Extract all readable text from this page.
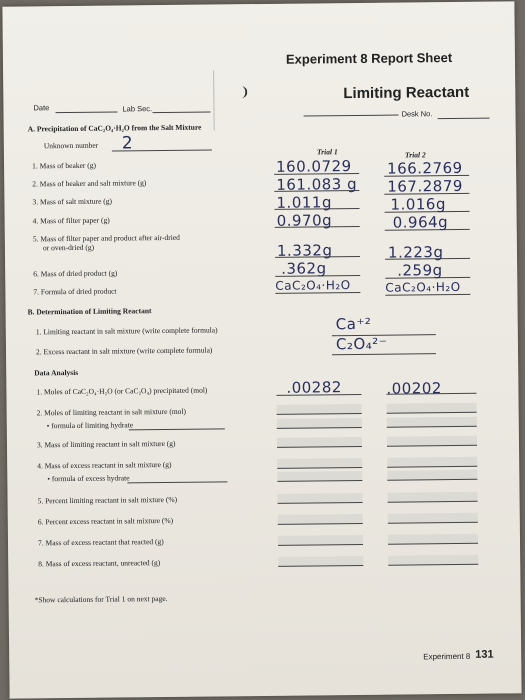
Experiment 8 Report Sheet
Limiting Reactant
Date	Lab Sec.
Desk No.
A. Precipitation of CaC₂O₄·H₂O from the Salt Mixture
Unknown number 2	Trial 1	Trial 2
1. Mass of beaker (g)	160.0729 166.2769
2. Mass of beaker and salt mixture (g)	161.083 g 167.2879
3. Mass of salt mixture (g)	1.011g	1.016g
4. Mass of filter paper (g)	0.970g	0.964g
5. Mass of filter paper and product after air-dried
or oven-dried (g)	1.332g	1.223g
6. Mass of dried product (g)	.362g	.259g
7. Formula of dried product	CaC₂O₄·H₂O	CaC₂O₄·H₂O
B. Determination of Limiting Reactant
1. Limiting reactant in salt mixture (write complete formula)	Ca⁺²
2. Excess reactant in salt mixture (write complete formula)	C₂O₄²⁻
Data Analysis
1. Moles of CaC₂O₄·H₂O (or CaC₂O₄) precipitated (mol)	.00282	.00202
2. Moles of limiting reactant in salt mixture (mol)
• formula of limiting hydrate
3. Mass of limiting reactant in salt mixture (g)
4. Mass of excess reactant in salt mixture (g)
• formula of excess hydrate
5. Percent limiting reactant in salt mixture (%)
6. Percent excess reactant in salt mixture (%)
7. Mass of excess reactant that reacted (g)
8. Mass of excess reactant, unreacted (g)
*Show calculations for Trial 1 on next page.
Experiment 8 131
